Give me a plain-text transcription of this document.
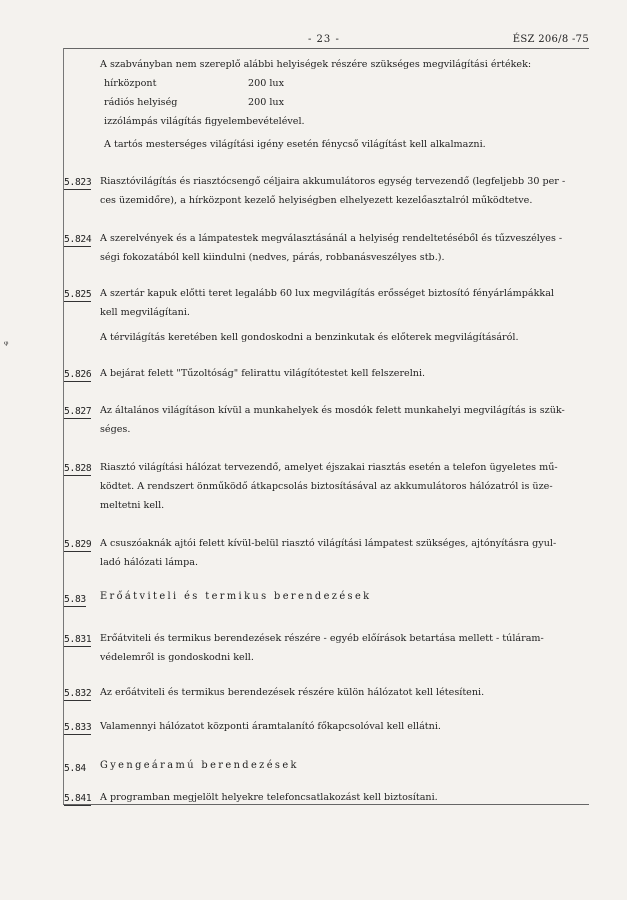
- 23 -	ÉSZ 206/8 -75
ᵠ
A szabványban nem szereplő alábbi helyiségek részére szükséges megvilágítási értékek:
hírközpont	200 lux
rádiós helyiség	200 lux
izzólámpás világítás figyelembevételével.
A tartós mesterséges világítási igény esetén fénycső világítást kell alkalmazni.
5.823 Riasztóvilágítás és riasztócsengő céljaira akkumulátoros egység tervezendő (legfeljebb 30 per -
ces üzemidőre), a hírközpont kezelő helyiségben elhelyezett kezelőasztalról működtetve.
5.824 A szerelvények és a lámpatestek megválasztásánál a helyiség rendeltetéséből és tűzveszélyes -
ségi fokozatából kell kiindulni (nedves, párás, robbanásveszélyes stb.).
5.825 A szertár kapuk előtti teret legalább 60 lux megvilágítás erősséget biztosító fényárlámpákkal
kell megvilágítani.
A térvilágítás keretében kell gondoskodni a benzinkutak és előterek megvilágításáról.
5.826 A bejárat felett "Tűzoltóság" felirattu világítótestet kell felszerelni.
5.827 Az általános világításon kívül a munkahelyek és mosdók felett munkahelyi megvilágítás is szük-
séges.
5.828 Riasztó világítási hálózat tervezendő, amelyet éjszakai riasztás esetén a telefon ügyeletes mű-
ködtet. A rendszert önműködő átkapcsolás biztosításával az akkumulátoros hálózatról is üze-
meltetni kell.
5.829 A csuszóaknák ajtói felett kívül-belül riasztó világítási lámpatest szükséges, ajtónyításra gyul-
ladó hálózati lámpa.
5.83 Erőátviteli és termikus berendezések
5.831 Erőátviteli és termikus berendezések részére - egyéb előírások betartása mellett - túláram-
védelemről is gondoskodni kell.
5.832 Az erőátviteli és termikus berendezések részére külön hálózatot kell létesíteni.
5.833 Valamennyi hálózatot központi áramtalanító főkapcsolóval kell ellátni.
5.84 Gyengeáramú berendezések
5.841 A programban megjelölt helyekre telefoncsatlakozást kell biztosítani.
